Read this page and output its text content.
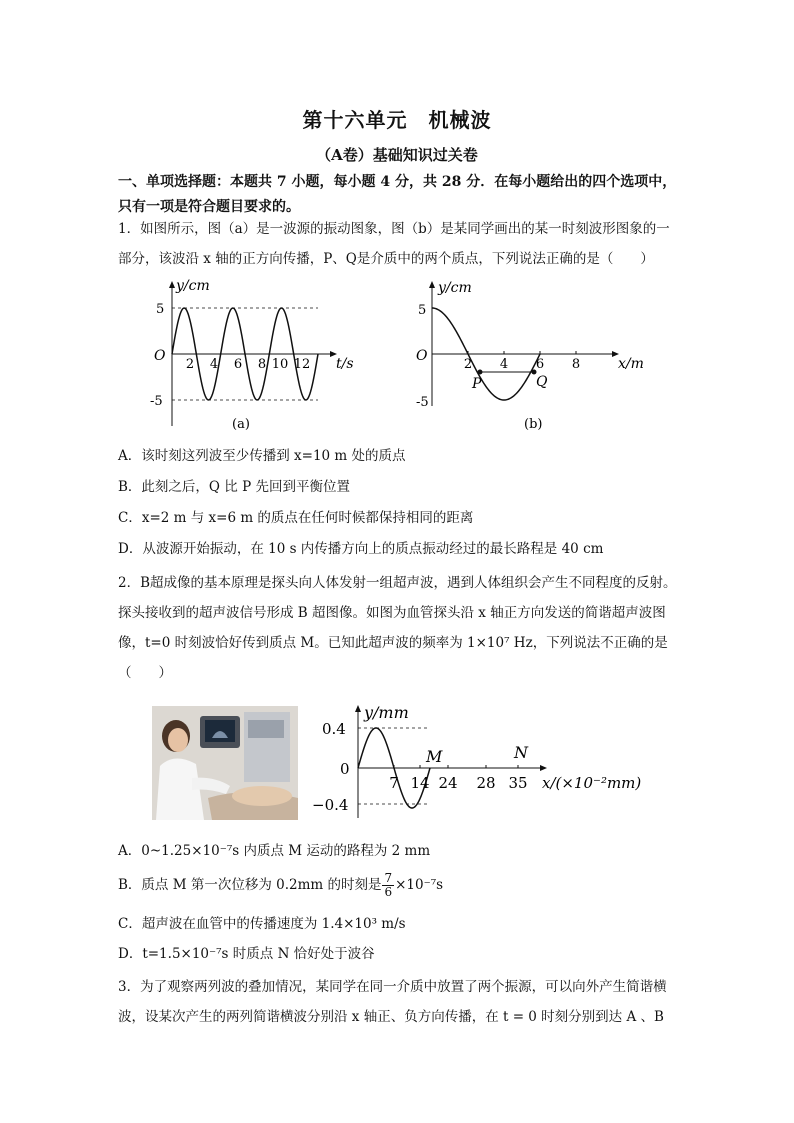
第十六单元　机械波
（A卷）基础知识过关卷
一、单项选择题：本题共 7 小题，每小题 4 分，共 28 分．在每小题给出的四个选项中，只有一项是符合题目要求的。
1．如图所示，图（a）是一波源的振动图象，图（b）是某同学画出的某一时刻波形图象的一部分，该波沿 x 轴的正方向传播，P、Q是介质中的两个质点，下列说法正确的是（　　）
y/cm
t/s
O
5
-5
2 4 6 8 10 12
(a)
P	Q
y/cm
x/m
O
5
-5
2 4 6 8
(b)
A．该时刻这列波至少传播到 x=10 m 处的质点
B．此刻之后，Q 比 P 先回到平衡位置
C．x=2 m 与 x=6 m 的质点在任何时候都保持相同的距离
D．从波源开始振动，在 10 s 内传播方向上的质点振动经过的最长路程是 40 cm
2．B超成像的基本原理是探头向人体发射一组超声波，遇到人体组织会产生不同程度的反射。探头接收到的超声波信号形成 B 超图像。如图为血管探头沿 x 轴正方向发送的简谐超声波图像，t=0 时刻波恰好传到质点 M。已知此超声波的频率为 1×10⁷ Hz，下列说法不正确的是（　　）
y/mm
x/(×10⁻²mm)
0.4
0
−0.4
7 14 24 28 35
M	N
A．0~1.25×10⁻⁷s 内质点 M 运动的路程为 2 mm
B．质点 M 第一次位移为 0.2mm 的时刻是 $\frac{7}{6} \times 10^{-7}s$
C．超声波在血管中的传播速度为 1.4×10³ m/s
D．t=1.5×10⁻⁷s 时质点 N 恰好处于波谷
3．为了观察两列波的叠加情况，某同学在同一介质中放置了两个振源，可以向外产生简谐横波，设某次产生的两列简谐横波分别沿 x 轴正、负方向传播，在 t = 0 时刻分别到达 A 、B
